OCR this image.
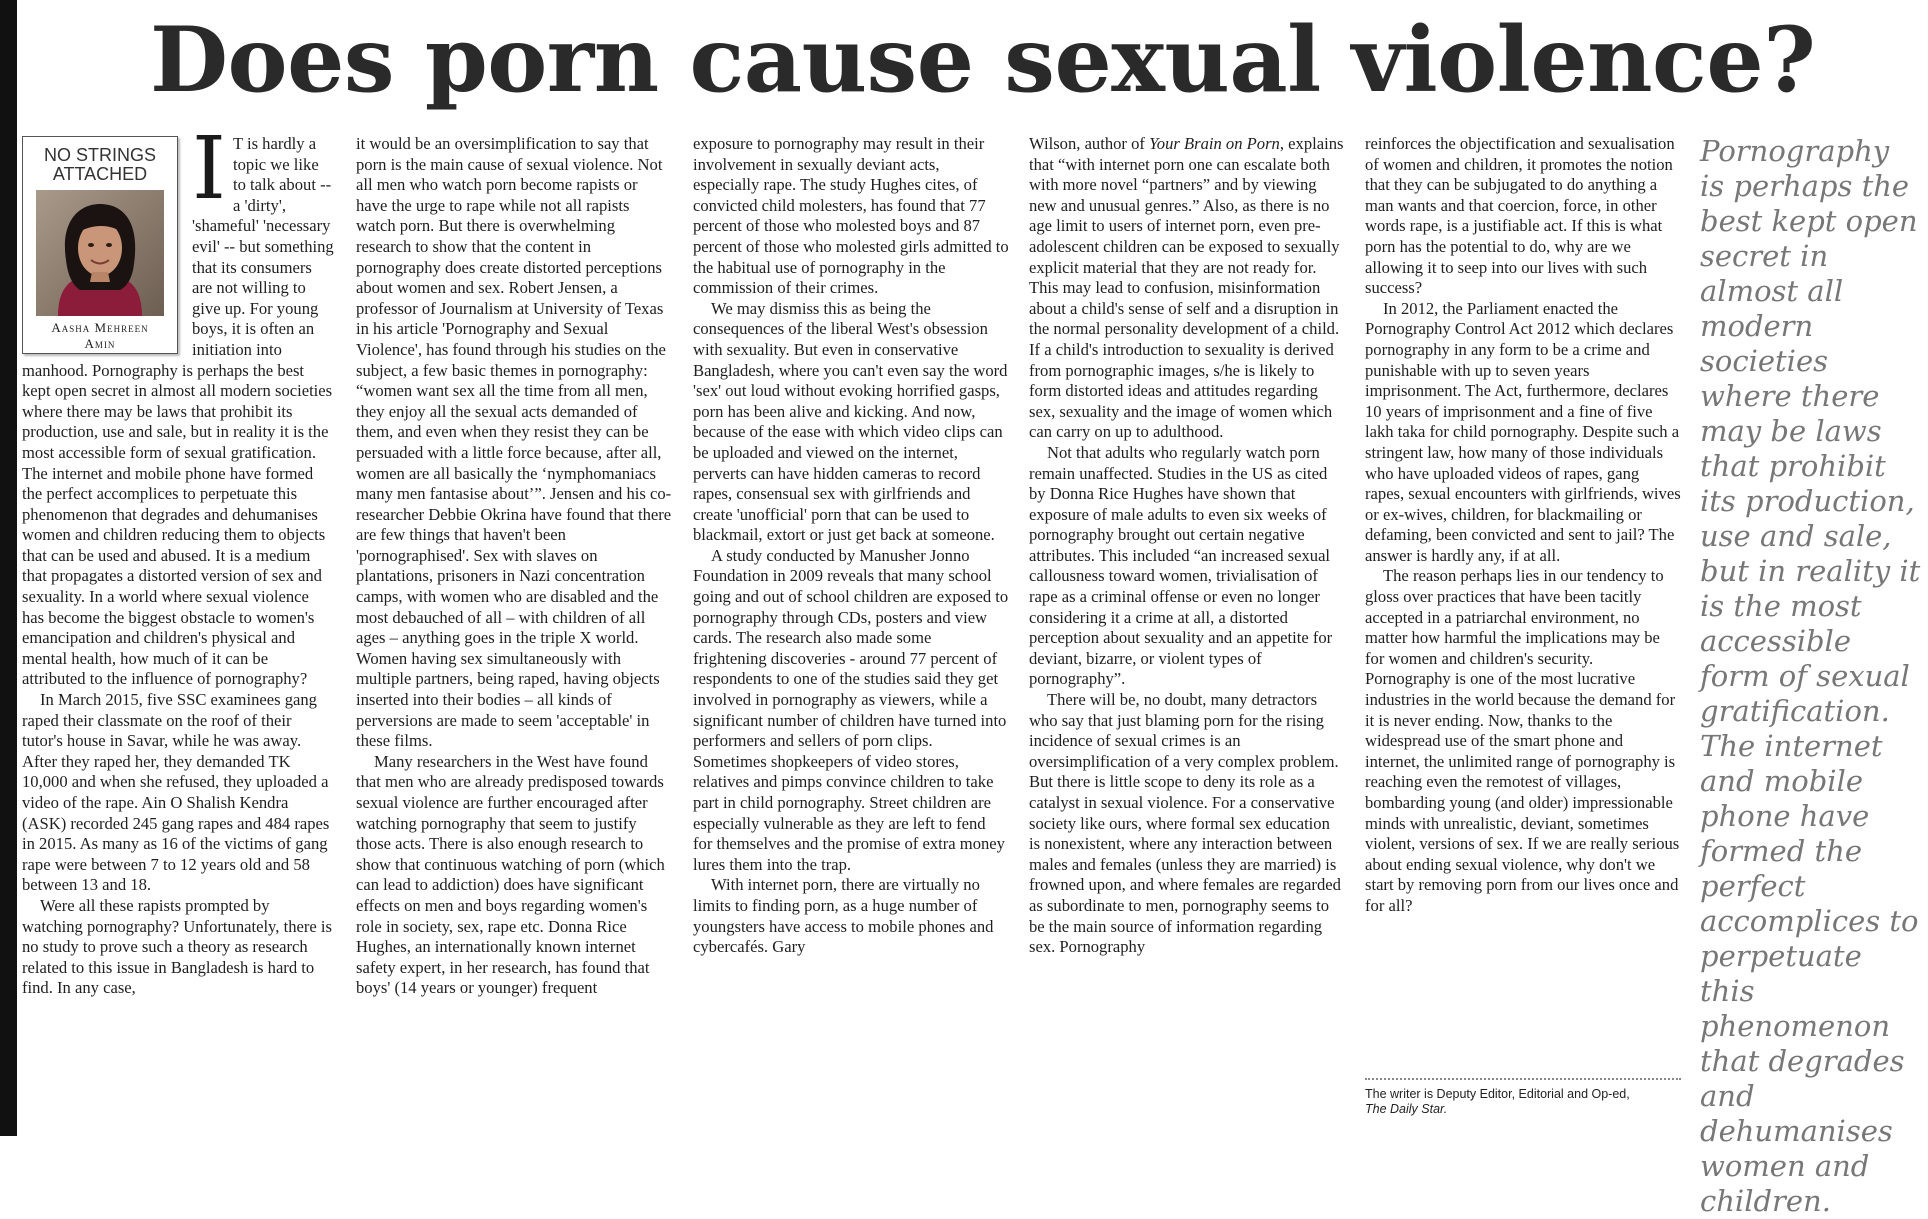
Does porn cause sexual violence?
NO STRINGS
ATTACHED
Aasha Mehreen
Amin

I T is hardly a topic we like to talk about -- a 'dirty', 'shameful' 'necessary evil' -- but something that its consumers are not willing to give up. For young boys, it is often an initiation into manhood. Pornography is perhaps the best kept open secret in almost all modern societies where there may be laws that prohibit its production, use and sale, but in reality it is the most accessible form of sexual gratification. The internet and mobile phone have formed the perfect accomplices to perpetuate this phenomenon that degrades and dehumanises women and children reducing them to objects that can be used and abused. It is a medium that propagates a distorted version of sex and sexuality. In a world where sexual violence has become the biggest obstacle to women's emancipation and children's physical and mental health, how much of it can be attributed to the influence of pornography?

In March 2015, five SSC examinees gang raped their classmate on the roof of their tutor's house in Savar, while he was away. After they raped her, they demanded TK 10,000 and when she refused, they uploaded a video of the rape. Ain O Shalish Kendra (ASK) recorded 245 gang rapes and 484 rapes in 2015. As many as 16 of the victims of gang rape were between 7 to 12 years old and 58 between 13 and 18.

Were all these rapists prompted by watching pornography? Unfortunately, there is no study to prove such a theory as research related to this issue in Bangladesh is hard to find. In any case,

it would be an oversimplification to say that porn is the main cause of sexual violence. Not all men who watch porn become rapists or have the urge to rape while not all rapists watch porn. But there is overwhelming research to show that the content in pornography does create distorted perceptions about women and sex. Robert Jensen, a professor of Journalism at University of Texas in his article 'Pornography and Sexual Violence', has found through his studies on the subject, a few basic themes in pornography: “women want sex all the time from all men, they enjoy all the sexual acts demanded of them, and even when they resist they can be persuaded with a little force because, after all, women are all basically the ‘nymphomaniacs many men fantasise about’”. Jensen and his co-researcher Debbie Okrina have found that there are few things that haven't been 'pornographised'. Sex with slaves on plantations, prisoners in Nazi concentration camps, with women who are disabled and the most debauched of all – with children of all ages – anything goes in the triple X world. Women having sex simultaneously with multiple partners, being raped, having objects inserted into their bodies – all kinds of perversions are made to seem 'acceptable' in these films.

Many researchers in the West have found that men who are already predisposed towards sexual violence are further encouraged after watching pornography that seem to justify those acts. There is also enough research to show that continuous watching of porn (which can lead to addiction) does have significant effects on men and boys regarding women's role in society, sex, rape etc. Donna Rice Hughes, an internationally known internet safety expert, in her research, has found that boys' (14 years or younger) frequent

exposure to pornography may result in their involvement in sexually deviant acts, especially rape. The study Hughes cites, of convicted child molesters, has found that 77 percent of those who molested boys and 87 percent of those who molested girls admitted to the habitual use of pornography in the commission of their crimes.

We may dismiss this as being the consequences of the liberal West's obsession with sexuality. But even in conservative Bangladesh, where you can't even say the word 'sex' out loud without evoking horrified gasps, porn has been alive and kicking. And now, because of the ease with which video clips can be uploaded and viewed on the internet, perverts can have hidden cameras to record rapes, consensual sex with girlfriends and create 'unofficial' porn that can be used to blackmail, extort or just get back at someone.

A study conducted by Manusher Jonno Foundation in 2009 reveals that many school going and out of school children are exposed to pornography through CDs, posters and view cards. The research also made some frightening discoveries - around 77 percent of respondents to one of the studies said they get involved in pornography as viewers, while a significant number of children have turned into performers and sellers of porn clips. Sometimes shopkeepers of video stores, relatives and pimps convince children to take part in child pornography. Street children are especially vulnerable as they are left to fend for themselves and the promise of extra money lures them into the trap.

With internet porn, there are virtually no limits to finding porn, as a huge number of youngsters have access to mobile phones and cybercafés. Gary

Wilson, author of Your Brain on Porn, explains that “with internet porn one can escalate both with more novel “partners” and by viewing new and unusual genres.” Also, as there is no age limit to users of internet porn, even pre-adolescent children can be exposed to sexually explicit material that they are not ready for. This may lead to confusion, misinformation about a child's sense of self and a disruption in the normal personality development of a child. If a child's introduction to sexuality is derived from pornographic images, s/he is likely to form distorted ideas and attitudes regarding sex, sexuality and the image of women which can carry on up to adulthood.

Not that adults who regularly watch porn remain unaffected. Studies in the US as cited by Donna Rice Hughes have shown that exposure of male adults to even six weeks of pornography brought out certain negative attributes. This included “an increased sexual callousness toward women, trivialisation of rape as a criminal offense or even no longer considering it a crime at all, a distorted perception about sexuality and an appetite for deviant, bizarre, or violent types of pornography”.

There will be, no doubt, many detractors who say that just blaming porn for the rising incidence of sexual crimes is an oversimplification of a very complex problem. But there is little scope to deny its role as a catalyst in sexual violence. For a conservative society like ours, where formal sex education is nonexistent, where any interaction between males and females (unless they are married) is frowned upon, and where females are regarded as subordinate to men, pornography seems to be the main source of information regarding sex. Pornography

reinforces the objectification and sexualisation of women and children, it promotes the notion that they can be subjugated to do anything a man wants and that coercion, force, in other words rape, is a justifiable act. If this is what porn has the potential to do, why are we allowing it to seep into our lives with such success?

In 2012, the Parliament enacted the Pornography Control Act 2012 which declares pornography in any form to be a crime and punishable with up to seven years imprisonment. The Act, furthermore, declares 10 years of imprisonment and a fine of five lakh taka for child pornography. Despite such a stringent law, how many of those individuals who have uploaded videos of rapes, gang rapes, sexual encounters with girlfriends, wives or ex-wives, children, for blackmailing or defaming, been convicted and sent to jail? The answer is hardly any, if at all.

The reason perhaps lies in our tendency to gloss over practices that have been tacitly accepted in a patriarchal environment, no matter how harmful the implications may be for women and children's security. Pornography is one of the most lucrative industries in the world because the demand for it is never ending. Now, thanks to the widespread use of the smart phone and internet, the unlimited range of pornography is reaching even the remotest of villages, bombarding young (and older) impressionable minds with unrealistic, deviant, sometimes violent, versions of sex. If we are really serious about ending sexual violence, why don't we start by removing porn from our lives once and for all?

The writer is Deputy Editor, Editorial and Op-ed,
The Daily Star.

Pornography is perhaps the best kept open secret in almost all modern societies where there may be laws that prohibit its production, use and sale, but in reality it is the most accessible form of sexual gratification. The internet and mobile phone have formed the perfect accomplices to perpetuate this phenomenon that degrades and dehumanises women and children.
